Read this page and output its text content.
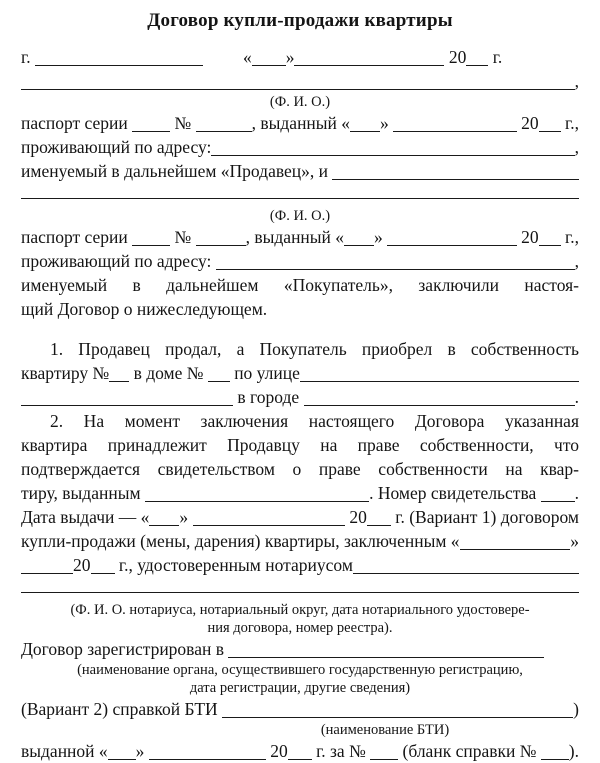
Договор купли-продажи квартиры
г.	« »	20 г.
,
(Ф. И. О.)
паспорт серии №	, выданный « »	20 г.,
проживающий по адресу:	,
именуемый в дальнейшем «Продавец», и
(Ф. И. О.)
паспорт серии №	, выданный « »	20 г.,
проживающий по адресу:	,
именуемый в дальнейшем «Покупатель», заключили настоя-
щий Договор о нижеследующем.
1. Продавец продал, а Покупатель приобрел в собственность
квартиру № в доме № по улице
в городе	.
2. На момент заключения настоящего Договора указанная
квартира принадлежит Продавцу на праве собственности, что
подтверждается свидетельством о праве собственности на квар-
тиру, выданным	. Номер свидетельства .
Дата выдачи — « »	20 г. (Вариант 1) договором
купли-продажи (мены, дарения) квартиры, заключенным «	»
20 г., удостоверенным нотариусом
(Ф. И. О. нотариуса, нотариальный округ, дата нотариального удостовере-
ния договора, номер реестра).
Договор зарегистрирован в
(наименование органа, осуществившего государственную регистрацию,
дата регистрации, другие сведения)
(Вариант 2) справкой БТИ	)
(наименование БТИ)
выданной « »	20 г. за № (бланк справки № ).
